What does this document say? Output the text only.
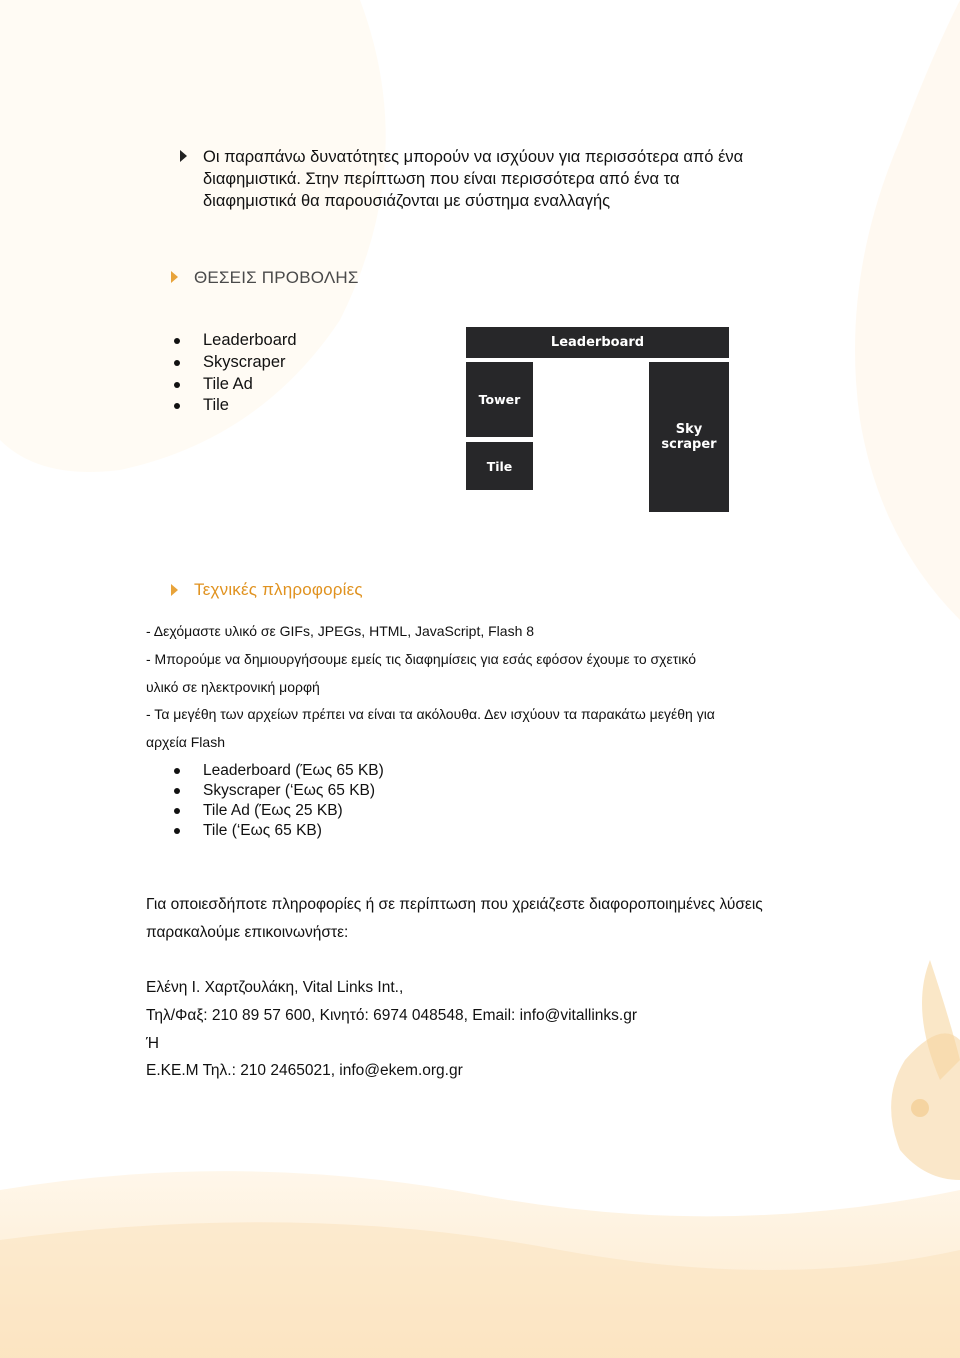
Οι παραπάνω δυνατότητες μπορούν να ισχύουν για περισσότερα από ένα
διαφημιστικά. Στην περίπτωση που είναι περισσότερα από ένα τα
διαφημιστικά θα παρουσιάζονται με σύστημα εναλλαγής
ΘΕΣΕΙΣ ΠΡΟΒΟΛΗΣ
Leaderboard
Skyscraper
Tile Ad
Tile
Leaderboard
Tower
Tile
Sky
scraper
Τεχνικές πληροφορίες
- Δεχόμαστε υλικό σε GIFs, JPEGs, HTML, JavaScript, Flash 8
- Μπορούμε να δημιουργήσουμε εμείς τις διαφημίσεις για εσάς εφόσον έχουμε το σχετικό
υλικό σε ηλεκτρονική μορφή
- Τα μεγέθη των αρχείων πρέπει να είναι τα ακόλουθα. Δεν ισχύουν τα παρακάτω μεγέθη για
αρχεία Flash
Leaderboard (Έως 65 KB)
Skyscraper (‘Εως 65 KB)
Tile Ad (Έως 25 KB)
Tile (‘Εως 65 KB)
Για οποιεσδήποτε πληροφορίες ή σε περίπτωση που χρειάζεστε διαφοροποιημένες λύσεις
παρακαλούμε επικοινωνήστε:
Ελένη Ι. Χαρτζουλάκη, Vital Links Int.,
Τηλ/Φαξ: 210 89 57 600, Κινητό: 6974 048548, Email: info@vitallinks.gr
Ή
Ε.ΚΕ.Μ Τηλ.: 210 2465021, info@ekem.org.gr
